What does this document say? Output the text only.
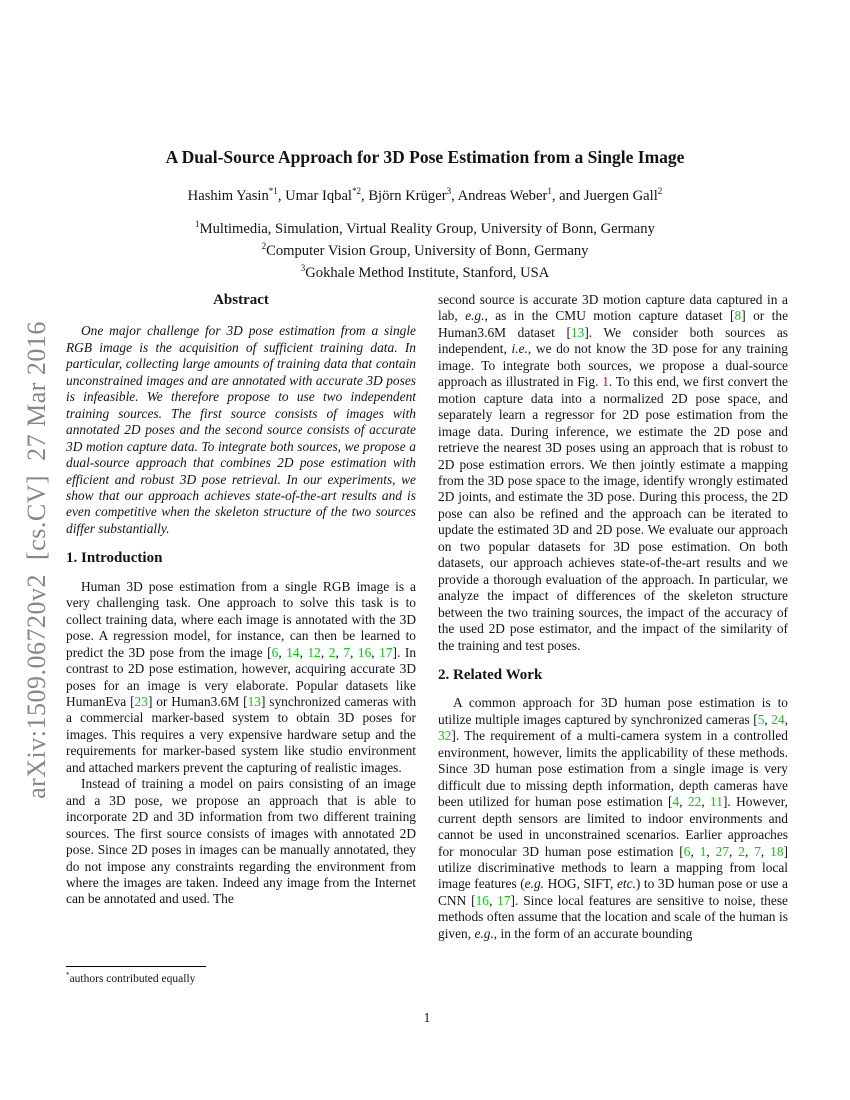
arXiv:1509.06720v2  [cs.CV]  27 Mar 2016
A Dual-Source Approach for 3D Pose Estimation from a Single Image
Hashim Yasin$^{*1}$, Umar Iqbal$^{*2}$, Björn Krüger$^3$, Andreas Weber$^1$, and Juergen Gall$^2$
$^1$Multimedia, Simulation, Virtual Reality Group, University of Bonn, Germany
$^2$Computer Vision Group, University of Bonn, Germany
$^3$Gokhale Method Institute, Stanford, USA
Abstract

One major challenge for 3D pose estimation from a single RGB image is the acquisition of sufficient training data. In particular, collecting large amounts of training data that contain unconstrained images and are annotated with accurate 3D poses is infeasible. We therefore propose to use two independent training sources. The first source consists of images with annotated 2D poses and the second source consists of accurate 3D motion capture data. To integrate both sources, we propose a dual-source approach that combines 2D pose estimation with efficient and robust 3D pose retrieval. In our experiments, we show that our approach achieves state-of-the-art results and is even competitive when the skeleton structure of the two sources differ substantially.

1. Introduction

Human 3D pose estimation from a single RGB image is a very challenging task. One approach to solve this task is to collect training data, where each image is annotated with the 3D pose. A regression model, for instance, can then be learned to predict the 3D pose from the image [6, 14, 12, 2, 7, 16, 17]. In contrast to 2D pose estimation, however, acquiring accurate 3D poses for an image is very elaborate. Popular datasets like HumanEva [23] or Human3.6M [13] synchronized cameras with a commercial marker-based system to obtain 3D poses for images. This requires a very expensive hardware setup and the requirements for marker-based system like studio environment and attached markers prevent the capturing of realistic images.

Instead of training a model on pairs consisting of an image and a 3D pose, we propose an approach that is able to incorporate 2D and 3D information from two different training sources. The first source consists of images with annotated 2D pose. Since 2D poses in images can be manually annotated, they do not impose any constraints regarding the environment from where the images are taken. Indeed any image from the Internet can be annotated and used. The

second source is accurate 3D motion capture data captured in a lab, e.g., as in the CMU motion capture dataset [8] or the Human3.6M dataset [13]. We consider both sources as independent, i.e., we do not know the 3D pose for any training image. To integrate both sources, we propose a dual-source approach as illustrated in Fig. 1. To this end, we first convert the motion capture data into a normalized 2D pose space, and separately learn a regressor for 2D pose estimation from the image data. During inference, we estimate the 2D pose and retrieve the nearest 3D poses using an approach that is robust to 2D pose estimation errors. We then jointly estimate a mapping from the 3D pose space to the image, identify wrongly estimated 2D joints, and estimate the 3D pose. During this process, the 2D pose can also be refined and the approach can be iterated to update the estimated 3D and 2D pose. We evaluate our approach on two popular datasets for 3D pose estimation. On both datasets, our approach achieves state-of-the-art results and we provide a thorough evaluation of the approach. In particular, we analyze the impact of differences of the skeleton structure between the two training sources, the impact of the accuracy of the used 2D pose estimator, and the impact of the similarity of the training and test poses.

2. Related Work

A common approach for 3D human pose estimation is to utilize multiple images captured by synchronized cameras [5, 24, 32]. The requirement of a multi-camera system in a controlled environment, however, limits the applicability of these methods. Since 3D human pose estimation from a single image is very difficult due to missing depth information, depth cameras have been utilized for human pose estimation [4, 22, 11]. However, current depth sensors are limited to indoor environments and cannot be used in unconstrained scenarios. Earlier approaches for monocular 3D human pose estimation [6, 1, 27, 2, 7, 18] utilize discriminative methods to learn a mapping from local image features (e.g. HOG, SIFT, etc.) to 3D human pose or use a CNN [16, 17]. Since local features are sensitive to noise, these methods often assume that the location and scale of the human is given, e.g., in the form of an accurate bounding

*authors contributed equally
1
